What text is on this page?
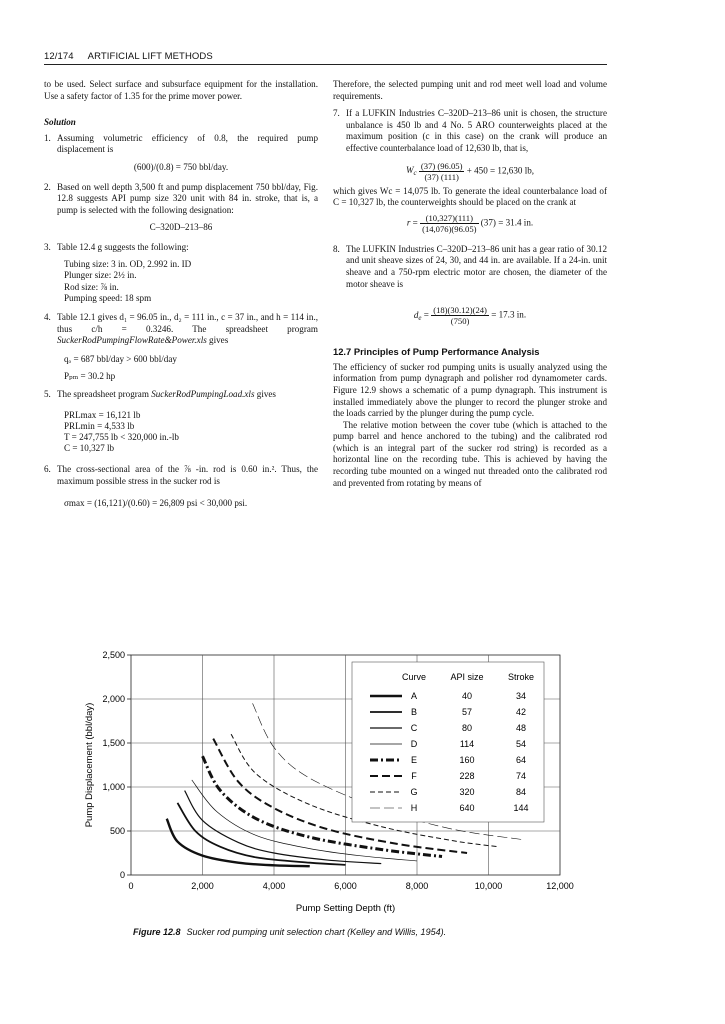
12/174 ARTIFICIAL LIFT METHODS

to be used. Select surface and subsurface equipment for the installation. Use a safety factor of 1.35 for the prime mover power.

Solution
1. Assuming volumetric efficiency of 0.8, the required pump displacement is
(600)/(0.8) = 750 bbl/day.
2. Based on well depth 3,500 ft and pump displacement 750 bbl/day, Fig. 12.8 suggests API pump size 320 unit with 84 in. stroke, that is, a pump is selected with the following designation:
C–320D–213–86
3. Table 12.4 g suggests the following:
Tubing size: 3 in. OD, 2.992 in. ID
Plunger size: 2½ in.
Rod size: ⅞ in.
Pumping speed: 18 spm
4. Table 12.1 gives d₁ = 96.05 in., d₂ = 111 in., c = 37 in., and h = 114 in., thus c/h = 0.3246. The spreadsheet program SuckerRodPumpingFlowRate&Power.xls gives
qₒ = 687 bbl/day > 600 bbl/day
Pₚₘ = 30.2 hp
5. The spreadsheet program SuckerRodPumpingLoad.xls gives
PRLmax = 16,121 lb
PRLmin = 4,533 lb
T = 247,755 lb < 320,000 in.-lb
C = 10,327 lb
6. The cross-sectional area of the ⅞ -in. rod is 0.60 in.². Thus, the maximum possible stress in the sucker rod is
σmax = (16,121)/(0.60) = 26,809 psi < 30,000 psi.

Therefore, the selected pumping unit and rod meet well load and volume requirements.

7. If a LUFKIN Industries C–320D–213–86 unit is chosen, the structure unbalance is 450 lb and 4 No. 5 ARO counterweights placed at the maximum position (c in this case) on the crank will produce an effective counterbalance load of 12,630 lb, that is,
$W_c \frac{(37) (96.05)}{(37) (111)} + 450 = 12,630$ lb,

which gives Wc = 14,075 lb. To generate the ideal counterbalance load of C = 10,327 lb, the counterweights should be placed on the crank at

$r = \frac{(10,327)(111)}{(14,076)(96.05)} (37) = 31.4$ in.
8. The LUFKIN Industries C–320D–213–86 unit has a gear ratio of 30.12 and unit sheave sizes of 24, 30, and 44 in. are available. If a 24-in. unit sheave and a 750-rpm electric motor are chosen, the diameter of the motor sheave is
$d_e = \frac{(18)(30.12)(24)}{(750)} = 17.3$ in.
12.7 Principles of Pump Performance Analysis

The efficiency of sucker rod pumping units is usually analyzed using the information from pump dynagraph and polisher rod dynamometer cards. Figure 12.9 shows a schematic of a pump dynagraph. This instrument is installed immediately above the plunger to record the plunger stroke and the loads carried by the plunger during the pump cycle.

The relative motion between the cover tube (which is attached to the pump barrel and hence anchored to the tubing) and the calibrated rod (which is an integral part of the sucker rod string) is recorded as a horizontal line on the recording tube. This is achieved by having the recording tube mounted on a winged nut threaded onto the calibrated rod and prevented from rotating by means of

0	2,000	4,000	6,000	8,000	10,000	12,000
0
500
1,000
1,500
2,000
2,500
Curve	API size	Stroke
A	40	34
B	57	42
C	80	48
D	114	54
E	160	64
F	228	74
G	320	84
H	640	144
Pump Setting Depth (ft)
Pump Displacement (bbl/day)
Figure 12.8 Sucker rod pumping unit selection chart (Kelley and Willis, 1954).
